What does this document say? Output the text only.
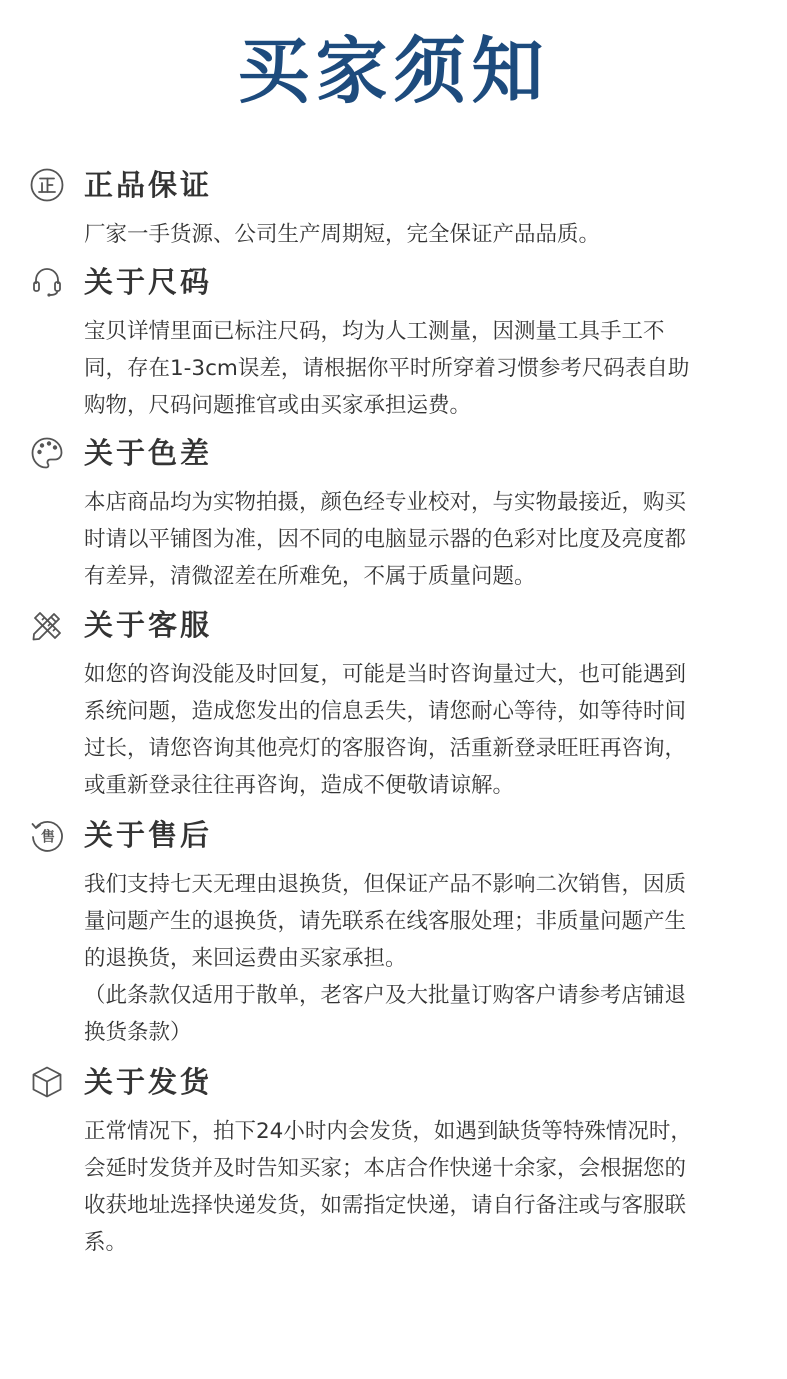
买家须知
正品保证
厂家一手货源、公司生产周期短，完全保证产品品质。
关于尺码
宝贝详情里面已标注尺码，均为人工测量，因测量工具手工不
同，存在1-3cm误差，请根据你平时所穿着习惯参考尺码表自助
购物，尺码问题推官或由买家承担运费。
关于色差
本店商品均为实物拍摄，颜色经专业校对，与实物最接近，购买
时请以平铺图为准，因不同的电脑显示器的色彩对比度及亮度都
有差异，清微涩差在所难免，不属于质量问题。
关于客服
如您的咨询没能及时回复，可能是当时咨询量过大，也可能遇到
系统问题，造成您发出的信息丢失，请您耐心等待，如等待时间
过长，请您咨询其他亮灯的客服咨询，活重新登录旺旺再咨询，
或重新登录往往再咨询，造成不便敬请谅解。
售 关于售后
我们支持七天无理由退换货，但保证产品不影响二次销售，因质
量问题产生的退换货，请先联系在线客服处理；非质量问题产生
的退换货，来回运费由买家承担。
（此条款仅适用于散单，老客户及大批量订购客户请参考店铺退
换货条款）
关于发货
正常情况下，拍下24小时内会发货，如遇到缺货等特殊情况时，
会延时发货并及时告知买家；本店合作快递十余家，会根据您的
收获地址选择快递发货，如需指定快递，请自行备注或与客服联
系。
